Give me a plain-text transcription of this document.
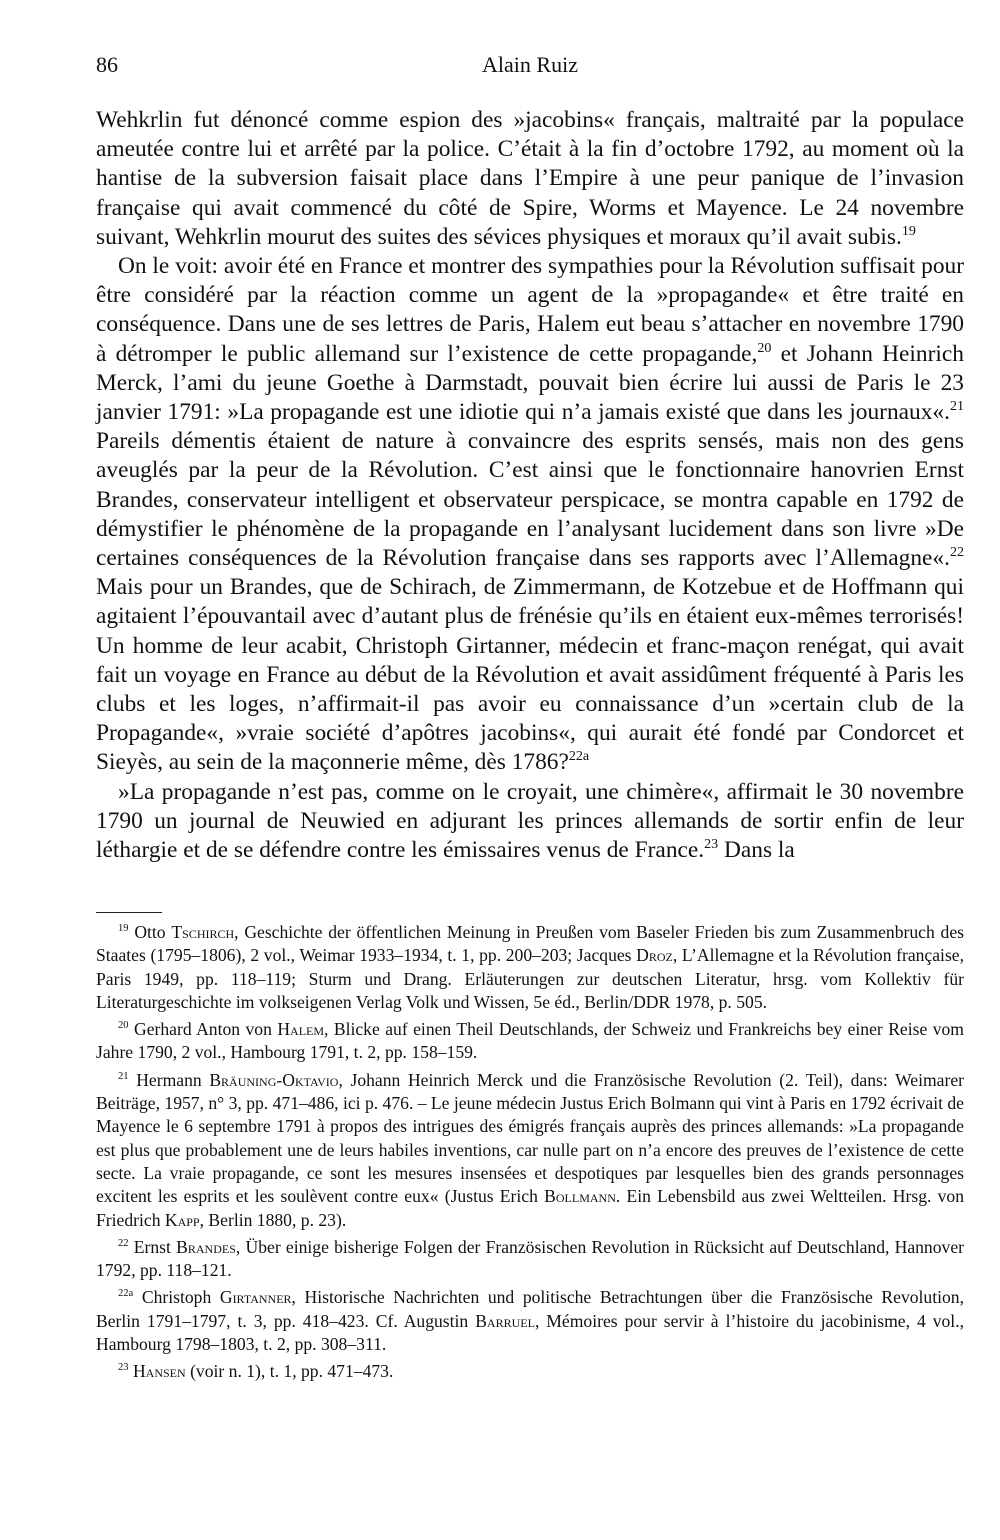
86	Alain Ruiz

Wehkrlin fut dénoncé comme espion des »jacobins« français, maltraité par la populace ameutée contre lui et arrêté par la police. C’était à la fin d’octobre 1792, au moment où la hantise de la subversion faisait place dans l’Empire à une peur panique de l’invasion française qui avait commencé du côté de Spire, Worms et Mayence. Le 24 novembre suivant, Wehkrlin mourut des suites des sévices physiques et moraux qu’il avait subis.$^{19}$

On le voit: avoir été en France et montrer des sympathies pour la Révolution suffisait pour être considéré par la réaction comme un agent de la »propagande« et être traité en conséquence. Dans une de ses lettres de Paris, Halem eut beau s’attacher en novembre 1790 à détromper le public allemand sur l’existence de cette propagande,$^{20}$ et Johann Heinrich Merck, l’ami du jeune Goethe à Darmstadt, pouvait bien écrire lui aussi de Paris le 23 janvier 1791: »La propagande est une idiotie qui n’a jamais existé que dans les journaux«.$^{21}$ Pareils démentis étaient de nature à convaincre des esprits sensés, mais non des gens aveuglés par la peur de la Révolution. C’est ainsi que le fonctionnaire hanovrien Ernst Brandes, conservateur intelligent et observateur perspicace, se montra capable en 1792 de démystifier le phénomène de la propagande en l’analysant lucidement dans son livre »De certaines conséquences de la Révolution française dans ses rapports avec l’Allemagne«.$^{22}$ Mais pour un Brandes, que de Schirach, de Zimmermann, de Kotzebue et de Hoffmann qui agitaient l’épouvantail avec d’autant plus de frénésie qu’ils en étaient eux-mêmes terrorisés! Un homme de leur acabit, Christoph Girtanner, médecin et franc-maçon renégat, qui avait fait un voyage en France au début de la Révolution et avait assidûment fréquenté à Paris les clubs et les loges, n’affirmait-il pas avoir eu connaissance d’un »certain club de la Propagande«, »vraie société d’apôtres jacobins«, qui aurait été fondé par Condorcet et Sieyès, au sein de la maçonnerie même, dès 1786?$^{22a}$

»La propagande n’est pas, comme on le croyait, une chimère«, affirmait le 30 novembre 1790 un journal de Neuwied en adjurant les princes allemands de sortir enfin de leur léthargie et de se défendre contre les émissaires venus de France.$^{23}$ Dans la

$^{19}$ Otto Tschirch, Geschichte der öffentlichen Meinung in Preußen vom Baseler Frieden bis zum Zusammenbruch des Staates (1795–1806), 2 vol., Weimar 1933–1934, t. 1, pp. 200–203; Jacques Droz, L’Allemagne et la Révolution française, Paris 1949, pp. 118–119; Sturm und Drang. Erläuterungen zur deutschen Literatur, hrsg. vom Kollektiv für Literaturgeschichte im volkseigenen Verlag Volk und Wissen, 5e éd., Berlin/DDR 1978, p. 505.

$^{20}$ Gerhard Anton von Halem, Blicke auf einen Theil Deutschlands, der Schweiz und Frankreichs bey einer Reise vom Jahre 1790, 2 vol., Hambourg 1791, t. 2, pp. 158–159.

$^{21}$ Hermann Bräuning-Oktavio, Johann Heinrich Merck und die Französische Revolution (2. Teil), dans: Weimarer Beiträge, 1957, n° 3, pp. 471–486, ici p. 476. – Le jeune médecin Justus Erich Bolmann qui vint à Paris en 1792 écrivait de Mayence le 6 septembre 1791 à propos des intrigues des émigrés français auprès des princes allemands: »La propagande est plus que probablement une de leurs habiles inventions, car nulle part on n’a encore des preuves de l’existence de cette secte. La vraie propagande, ce sont les mesures insensées et despotiques par lesquelles bien des grands personnages excitent les esprits et les soulèvent contre eux« (Justus Erich Bollmann. Ein Lebensbild aus zwei Weltteilen. Hrsg. von Friedrich Kapp, Berlin 1880, p. 23).

$^{22}$ Ernst Brandes, Über einige bisherige Folgen der Französischen Revolution in Rücksicht auf Deutschland, Hannover 1792, pp. 118–121.

$^{22a}$ Christoph Girtanner, Historische Nachrichten und politische Betrachtungen über die Französische Revolution, Berlin 1791–1797, t. 3, pp. 418–423. Cf. Augustin Barruel, Mémoires pour servir à l’histoire du jacobinisme, 4 vol., Hambourg 1798–1803, t. 2, pp. 308–311.

$^{23}$ Hansen (voir n. 1), t. 1, pp. 471–473.
